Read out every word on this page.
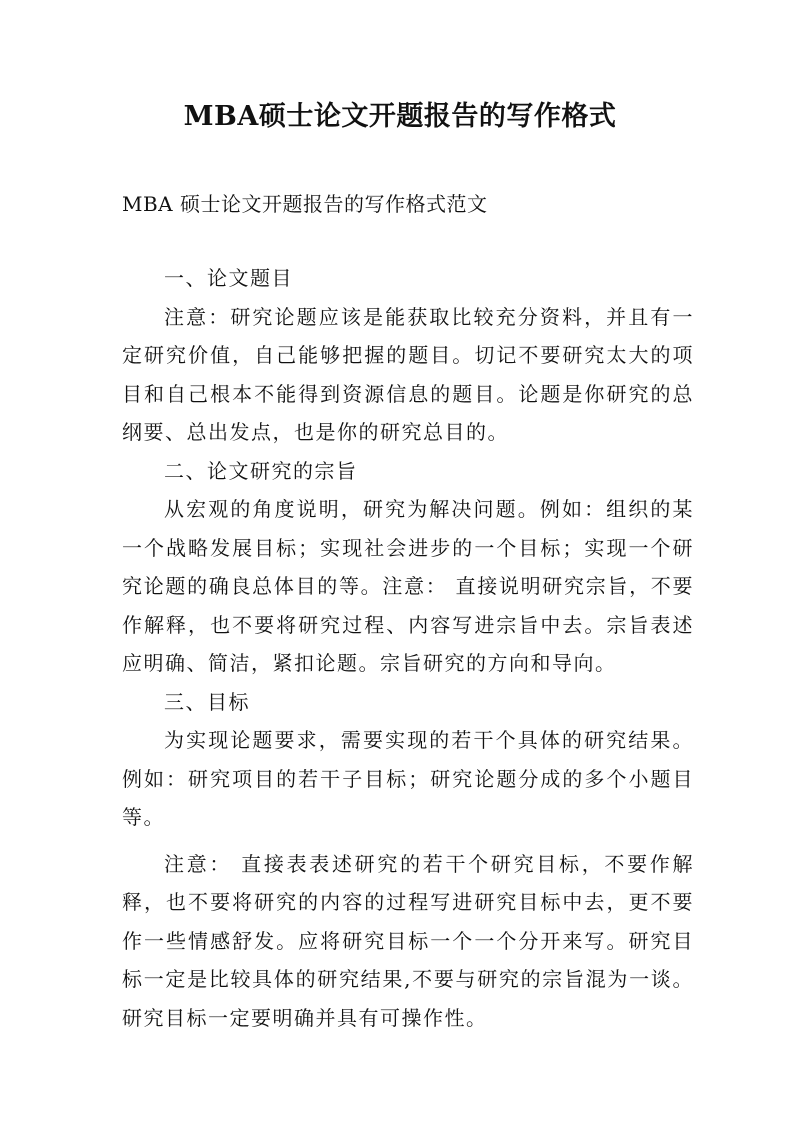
MBA硕士论文开题报告的写作格式
MBA 硕士论文开题报告的写作格式范文

一、论文题目

注意：研究论题应该是能获取比较充分资料，并且有一定研究价值，自己能够把握的题目。切记不要研究太大的项目和自己根本不能得到资源信息的题目。论题是你研究的总纲要、总出发点，也是你的研究总目的。

二、论文研究的宗旨

从宏观的角度说明，研究为解决问题。例如：组织的某一个战略发展目标；实现社会进步的一个目标；实现一个研究论题的确良总体目的等。注意： 直接说明研究宗旨，不要作解释，也不要将研究过程、内容写进宗旨中去。宗旨表述应明确、简洁，紧扣论题。宗旨研究的方向和导向。

三、目标

为实现论题要求，需要实现的若干个具体的研究结果。例如：研究项目的若干子目标；研究论题分成的多个小题目等。

注意： 直接表表述研究的若干个研究目标，不要作解释，也不要将研究的内容的过程写进研究目标中去，更不要作一些情感舒发。应将研究目标一个一个分开来写。研究目标一定是比较具体的研究结果,不要与研究的宗旨混为一谈。研究目标一定要明确并具有可操作性。
